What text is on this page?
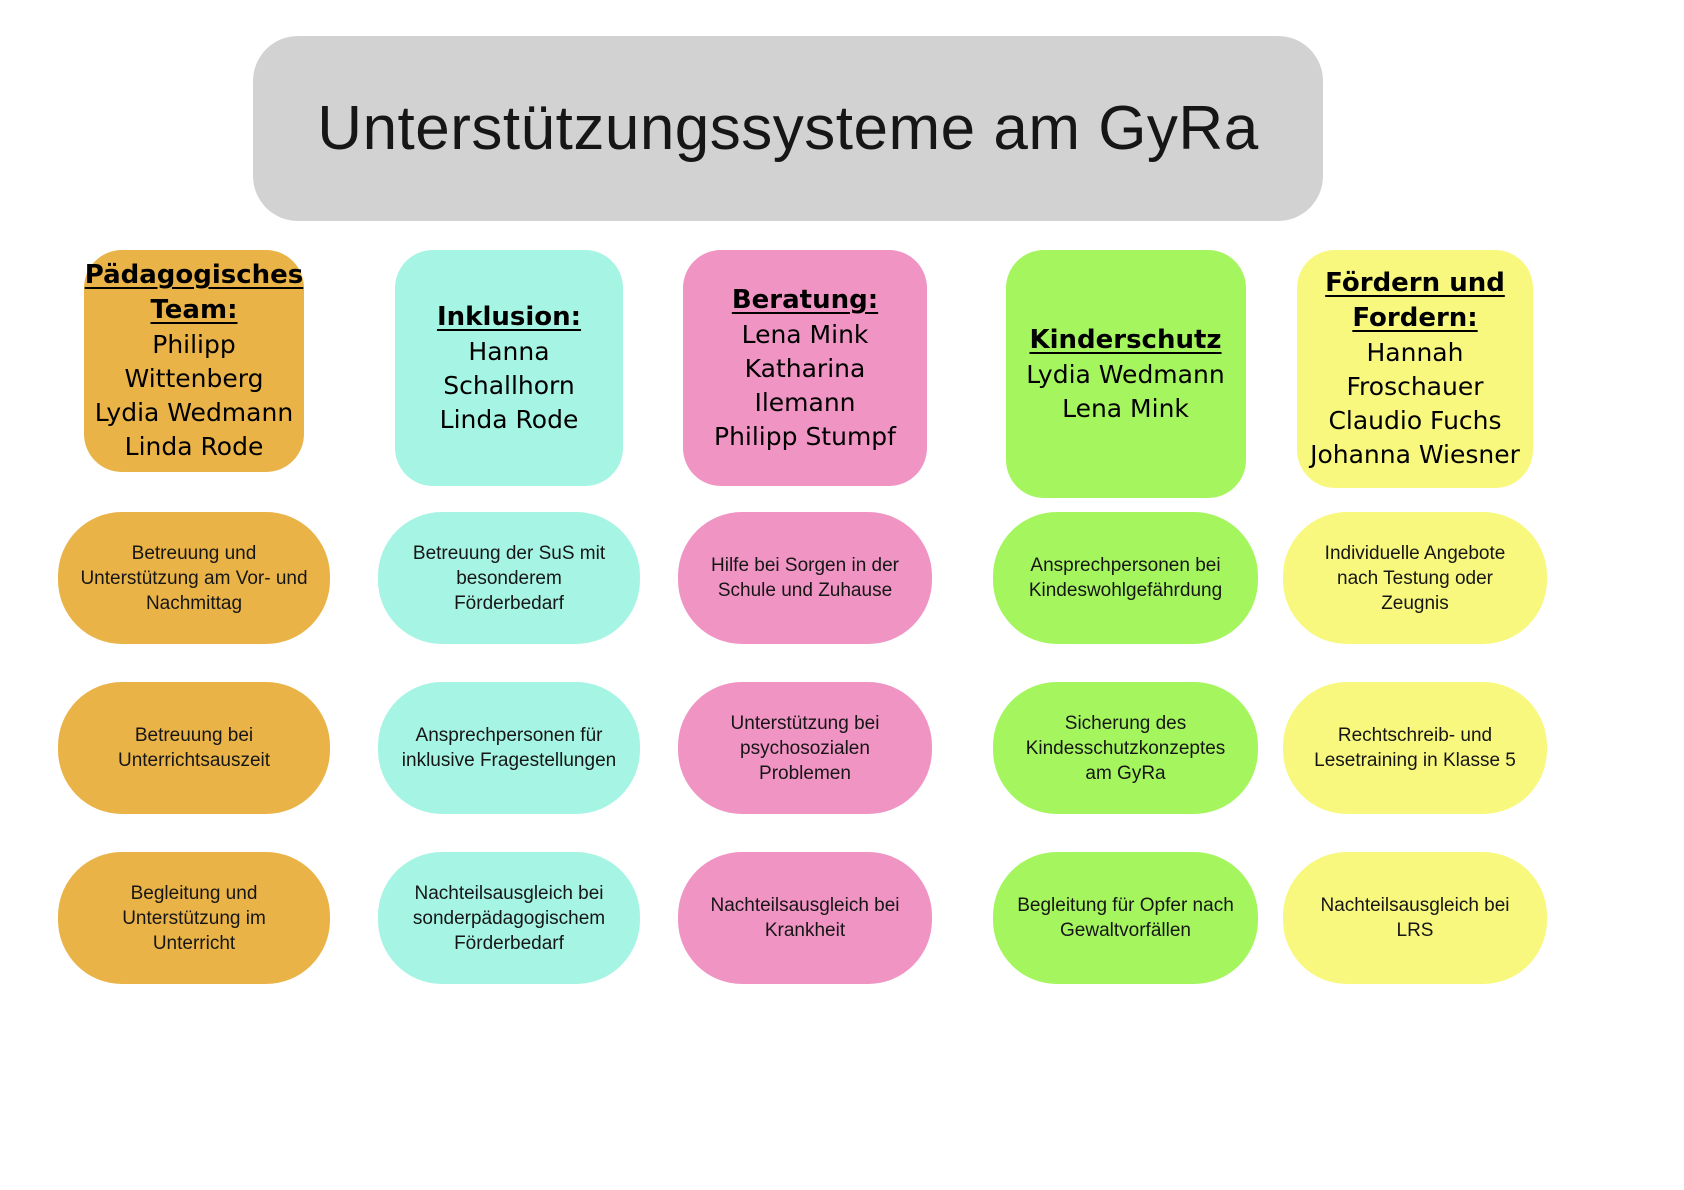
Unterstützungssysteme am GyRa
Pädagogisches Team:
Philipp Wittenberg
Lydia Wedmann
Linda Rode
Betreuung und Unterstützung am Vor- und Nachmittag
Betreuung bei Unterrichtsauszeit
Begleitung und Unterstützung im Unterricht
Inklusion:
Hanna Schallhorn
Linda Rode
Betreuung der SuS mit besonderem Förderbedarf
Ansprechpersonen für inklusive Fragestellungen
Nachteilsausgleich bei sonderpädagogischem Förderbedarf
Beratung:
Lena Mink
Katharina  Ilemann
Philipp Stumpf
Hilfe bei Sorgen in der Schule und Zuhause
Unterstützung bei psychosozialen Problemen
Nachteilsausgleich bei Krankheit
Kinderschutz
Lydia Wedmann
Lena Mink
Ansprechpersonen bei Kindeswohlgefährdung
Sicherung des Kindesschutzkonzeptes am GyRa
Begleitung für Opfer nach Gewaltvorfällen
Fördern und Fordern:
Hannah Froschauer
Claudio Fuchs
Johanna Wiesner
Individuelle Angebote nach Testung oder Zeugnis
Rechtschreib- und Lesetraining in Klasse 5
Nachteilsausgleich bei LRS
